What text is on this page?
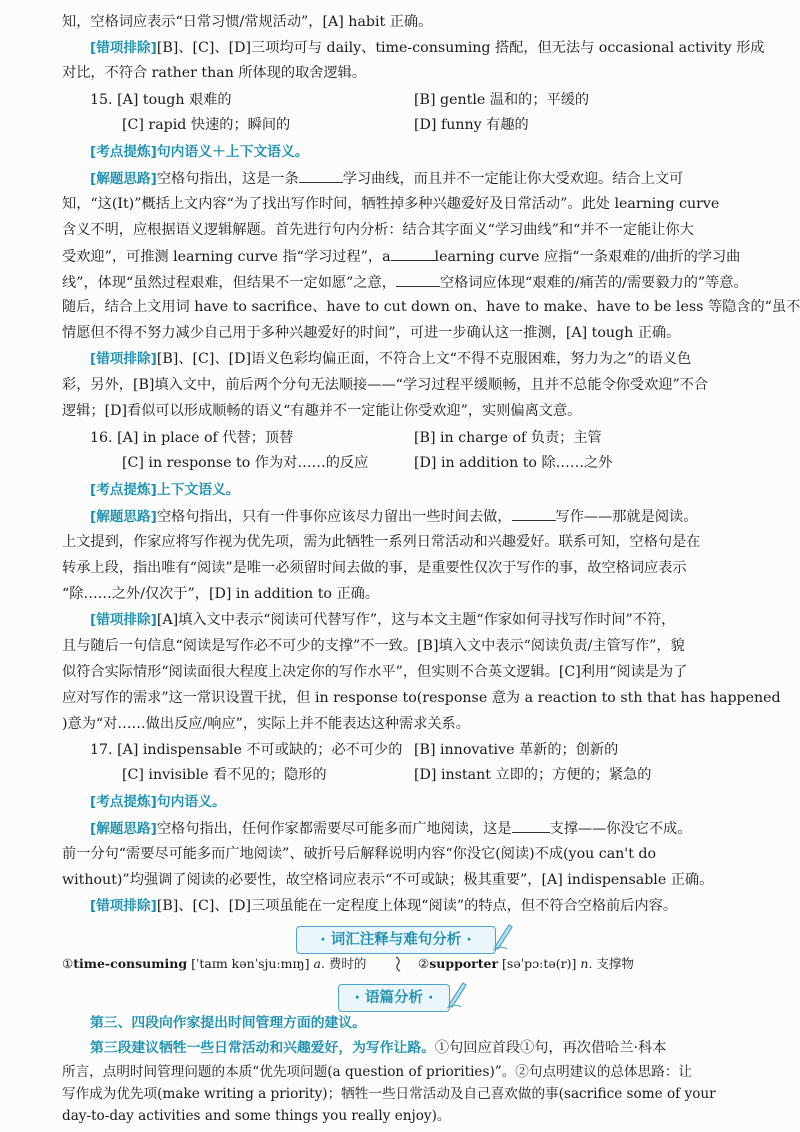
知，空格词应表示“日常习惯/常规活动”，[A] habit 正确。
[错项排除][B]、[C]、[D]三项均可与 daily、time-consuming 搭配，但无法与 occasional activity 形成
对比，不符合 rather than 所体现的取舍逻辑。
15. [A] tough 艰难的	[B] gentle 温和的；平缓的
[C] rapid 快速的；瞬间的	[D] funny 有趣的
[考点提炼]句内语义＋上下文语义。
[解题思路]空格句指出，这是一条	学习曲线，而且并不一定能让你大受欢迎。结合上文可
知，“这(It)”概括上文内容“为了找出写作时间，牺牲掉多种兴趣爱好及日常活动”。此处 learning curve
含义不明，应根据语义逻辑解题。首先进行句内分析：结合其字面义“学习曲线”和“并不一定能让你大
受欢迎”，可推测 learning curve 指“学习过程”，a	learning curve 应指“一条艰难的/曲折的学习曲
线”，体现“虽然过程艰难，但结果不一定如愿”之意，	空格词应体现“艰难的/痛苦的/需要毅力的”等意。
随后，结合上文用词 have to sacrifice、have to cut down on、have to make、have to be less 等隐含的“虽不
情愿但不得不努力减少自己用于多种兴趣爱好的时间”，可进一步确认这一推测，[A] tough 正确。
[错项排除][B]、[C]、[D]语义色彩均偏正面，不符合上文“不得不克服困难，努力为之”的语义色
彩，另外，[B]填入文中，前后两个分句无法顺接——“学习过程平缓顺畅，且并不总能令你受欢迎”不合
逻辑；[D]看似可以形成顺畅的语义“有趣并不一定能让你受欢迎”，实则偏离文意。
16. [A] in place of 代替；顶替	[B] in charge of 负责；主管
[C] in response to 作为对……的反应	[D] in addition to 除……之外
[考点提炼]上下文语义。
[解题思路]空格句指出，只有一件事你应该尽力留出一些时间去做，	写作——那就是阅读。
上文提到，作家应将写作视为优先项，需为此牺牲一系列日常活动和兴趣爱好。联系可知，空格句是在
转承上段，指出唯有“阅读”是唯一必须留时间去做的事，是重要性仅次于写作的事，故空格词应表示
“除……之外/仅次于”，[D] in addition to 正确。
[错项排除][A]填入文中表示“阅读可代替写作”，这与本文主题“作家如何寻找写作时间”不符，
且与随后一句信息“阅读是写作必不可少的支撑”不一致。[B]填入文中表示“阅读负责/主管写作”，貌
似符合实际情形“阅读面很大程度上决定你的写作水平”，但实则不合英文逻辑。[C]利用“阅读是为了
应对写作的需求”这一常识设置干扰，但 in response to(response 意为 a reaction to sth that has happened
)意为“对……做出反应/响应”，实际上并不能表达这种需求关系。
17. [A] indispensable 不可或缺的；必不可少的 [B] innovative 革新的；创新的
[C] invisible 看不见的；隐形的	[D] instant 立即的；方便的；紧急的
[考点提炼]句内语义。
[解题思路]空格句指出，任何作家都需要尽可能多而广地阅读，这是	支撑——你没它不成。
前一分句“需要尽可能多而广地阅读”、破折号后解释说明内容“你没它(阅读)不成(you can't do
without)”均强调了阅读的必要性，故空格词应表示“不可或缺；极其重要”，[A] indispensable 正确。
[错项排除][B]、[C]、[D]三项虽能在一定程度上体现“阅读”的特点，但不符合空格前后内容。
· 词汇注释与难句分析 ·
①time-consuming [ˈtaɪm kənˈsjuːmɪŋ] a. 费时的	②supporter [səˈpɔːtə(r)] n. 支撑物
· 语篇分析 ·
第三、四段向作家提出时间管理方面的建议。
第三段建议牺牲一些日常活动和兴趣爱好，为写作让路。①句回应首段①句，再次借哈兰·科本
所言，点明时间管理问题的本质“优先项问题(a question of priorities)”。②句点明建议的总体思路：让
写作成为优先项(make writing a priority)；牺牲一些日常活动及自己喜欢做的事(sacrifice some of your
day-to-day activities and some things you really enjoy)。
